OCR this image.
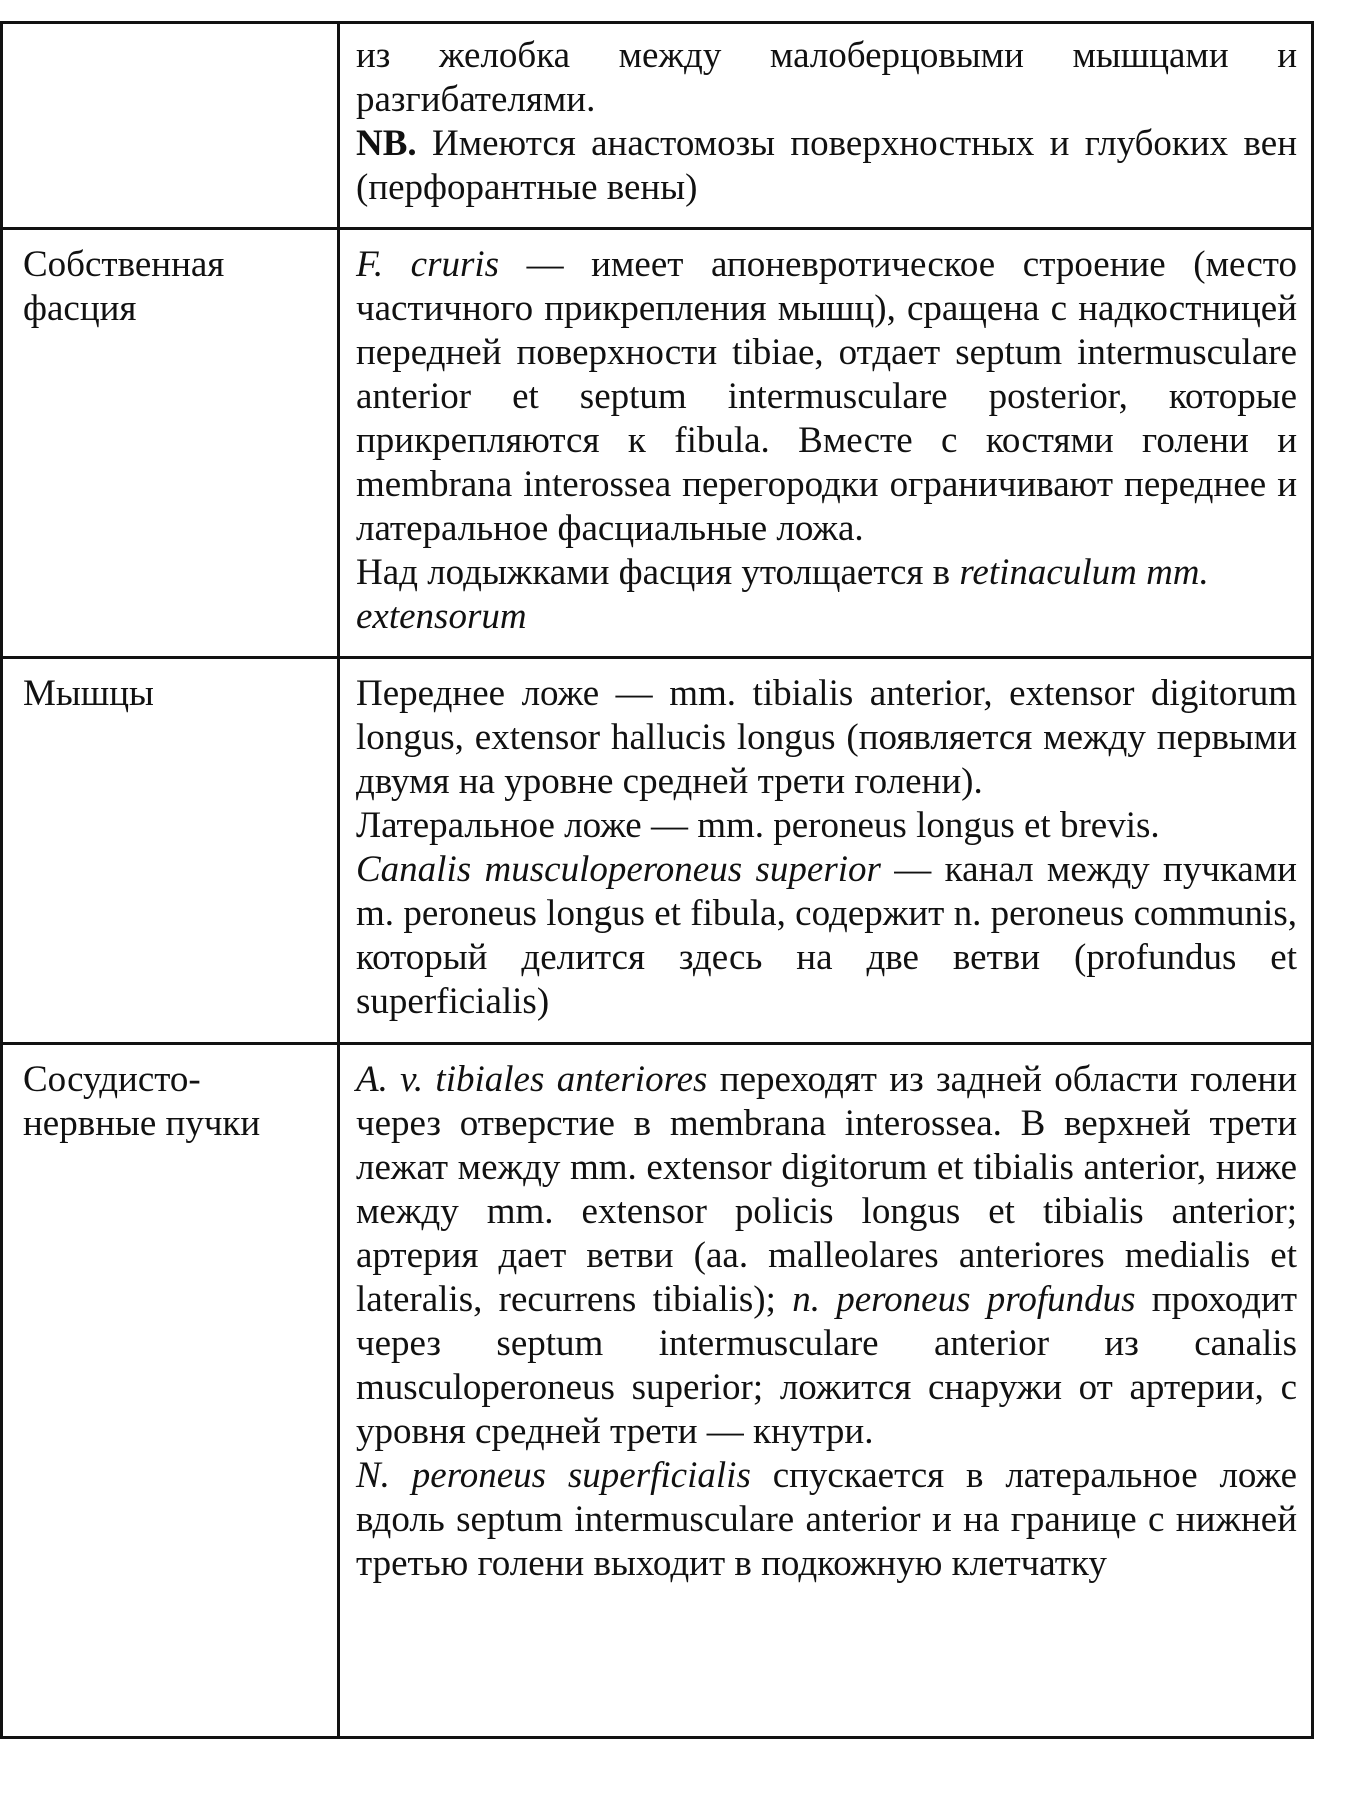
	из желобка между малоберцовыми мышцами и разгибателями.
NB. Имеются анастомозы поверхностных и глубоких вен (перфорантные вены)

Собственная фасция	F. cruris — имеет апоневротическое строение (место частичного прикрепления мышц), сращена с надкостницей передней поверхности tibiae, отдает septum intermusculare anterior et septum intermusculare posterior, которые прикрепляются к fibula. Вместе с костями голени и membrana interossea перегородки ограничивают переднее и латеральное фасциальные ложа.
Над лодыжками фасция утолщается в retinaculum mm. extensorum

Мышцы	Переднее ложе — mm. tibialis anterior, extensor digitorum longus, extensor hallucis longus (появляется между первыми двумя на уровне средней трети голени).
Латеральное ложе — mm. peroneus longus et brevis.
Canalis musculoperoneus superior — канал между пучками m. peroneus longus et fibula, содержит n. peroneus communis, который делится здесь на две ветви (profundus et superficialis)

Сосудисто-нервные пучки	A. v. tibiales anteriores переходят из задней области голени через отверстие в membrana interossea. В верхней трети лежат между mm. extensor digitorum et tibialis anterior, ниже между mm. extensor policis longus et tibialis anterior; артерия дает ветви (aa. malleolares anteriores medialis et lateralis, recurrens tibialis); n. peroneus profundus проходит через septum intermusculare anterior из canalis musculoperoneus superior; ложится снаружи от артерии, с уровня средней трети — кнутри.
N. peroneus superficialis спускается в латеральное ложе вдоль septum intermusculare anterior и на границе с нижней третью голени выходит в подкожную клетчатку
